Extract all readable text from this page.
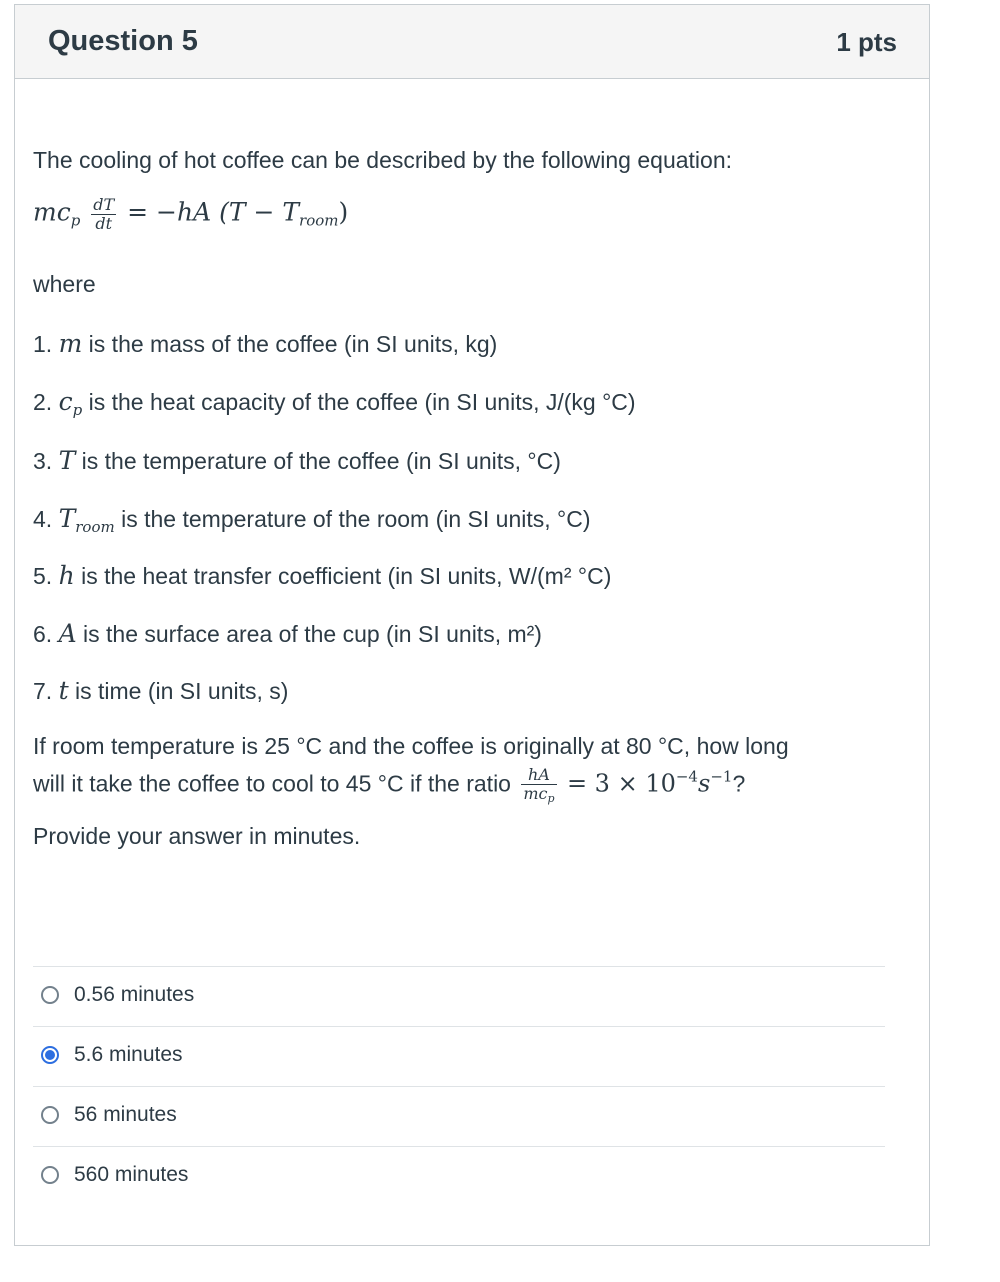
Question 5	1 pts
The cooling of hot coffee can be described by the following equation:
$mc_p \frac{dT}{dt} = -hA$ $(T - T_{room})$
where
1. m is the mass of the coffee (in SI units, kg)
2. $c_p$ is the heat capacity of the coffee (in SI units, J/(kg °C)
3. T is the temperature of the coffee (in SI units, °C)
4. $T_{room}$ is the temperature of the room (in SI units, °C)
5. h is the heat transfer coefficient (in SI units, W/(m² °C)
6. A is the surface area of the cup (in SI units, m²)
7. t is time (in SI units, s)
If room temperature is 25 °C and the coffee is originally at 80 °C, how long
will it take the coffee to cool to 45 °C if the ratio $\frac{hA}{mc_p} = 3 \times 10^{-4}s^{-1}$?
Provide your answer in minutes.
0.56 minutes
5.6 minutes
56 minutes
560 minutes
